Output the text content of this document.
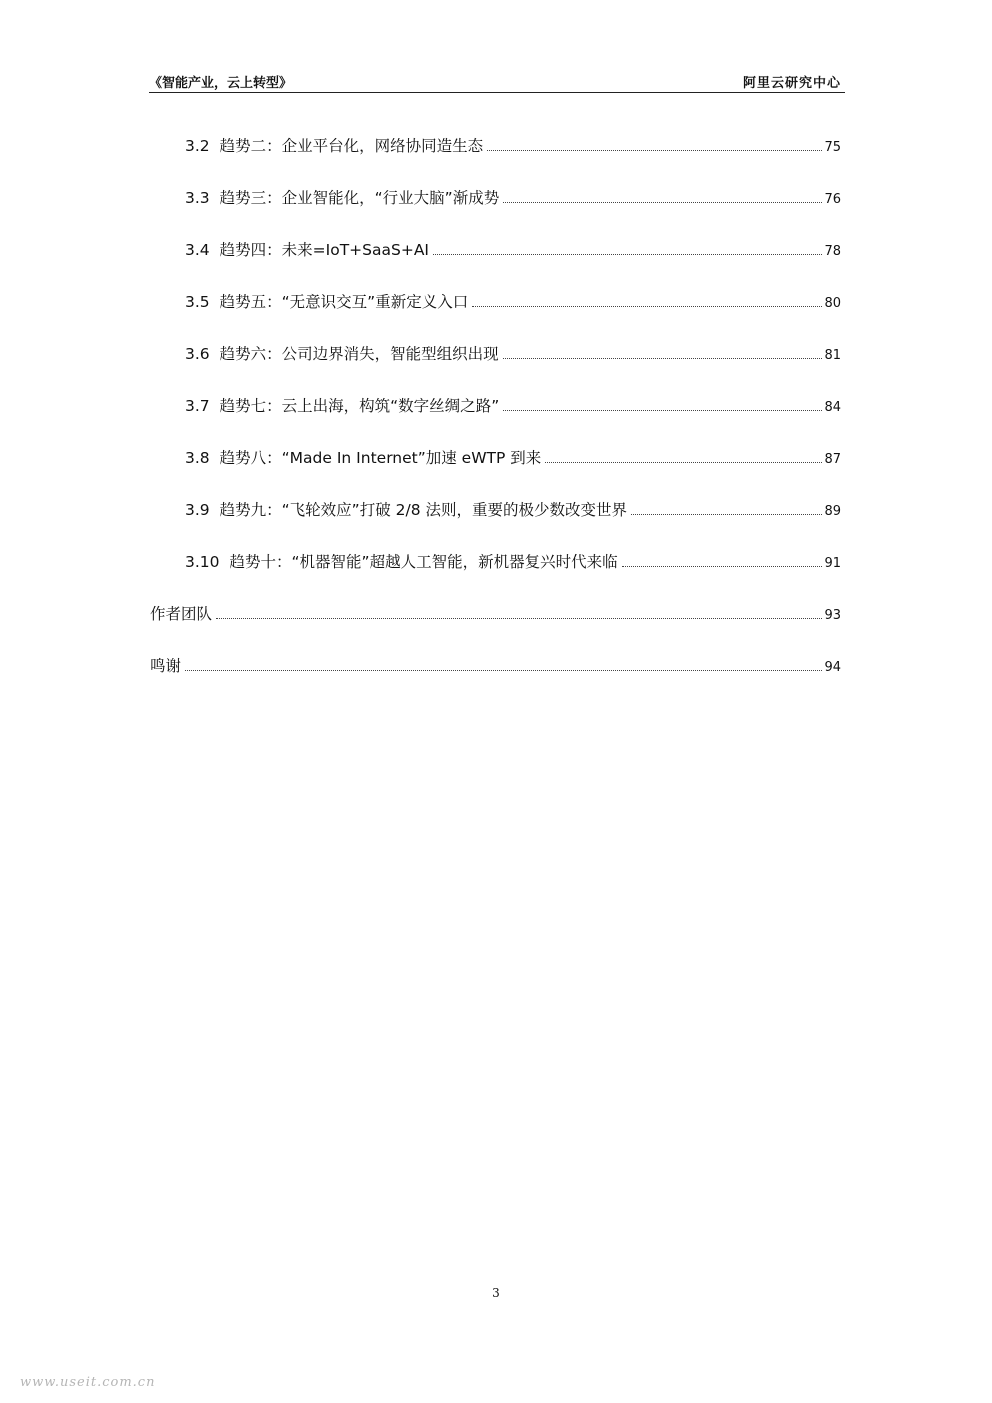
《智能产业，云上转型》	阿里云研究中心
3.2 趋势二：企业平台化，网络协同造生态	75
3.3 趋势三：企业智能化，“行业大脑”渐成势	76
3.4 趋势四：未来=IoT+SaaS+AI	78
3.5 趋势五：“无意识交互”重新定义入口	80
3.6 趋势六：公司边界消失，智能型组织出现	81
3.7 趋势七：云上出海，构筑“数字丝绸之路”	84
3.8 趋势八：“Made In Internet”加速 eWTP 到来	87
3.9 趋势九：“飞轮效应”打破 2/8 法则，重要的极少数改变世界	89
3.10 趋势十：“机器智能”超越人工智能，新机器复兴时代来临	91
作者团队	93
鸣谢	94
3
www.useit.com.cn
